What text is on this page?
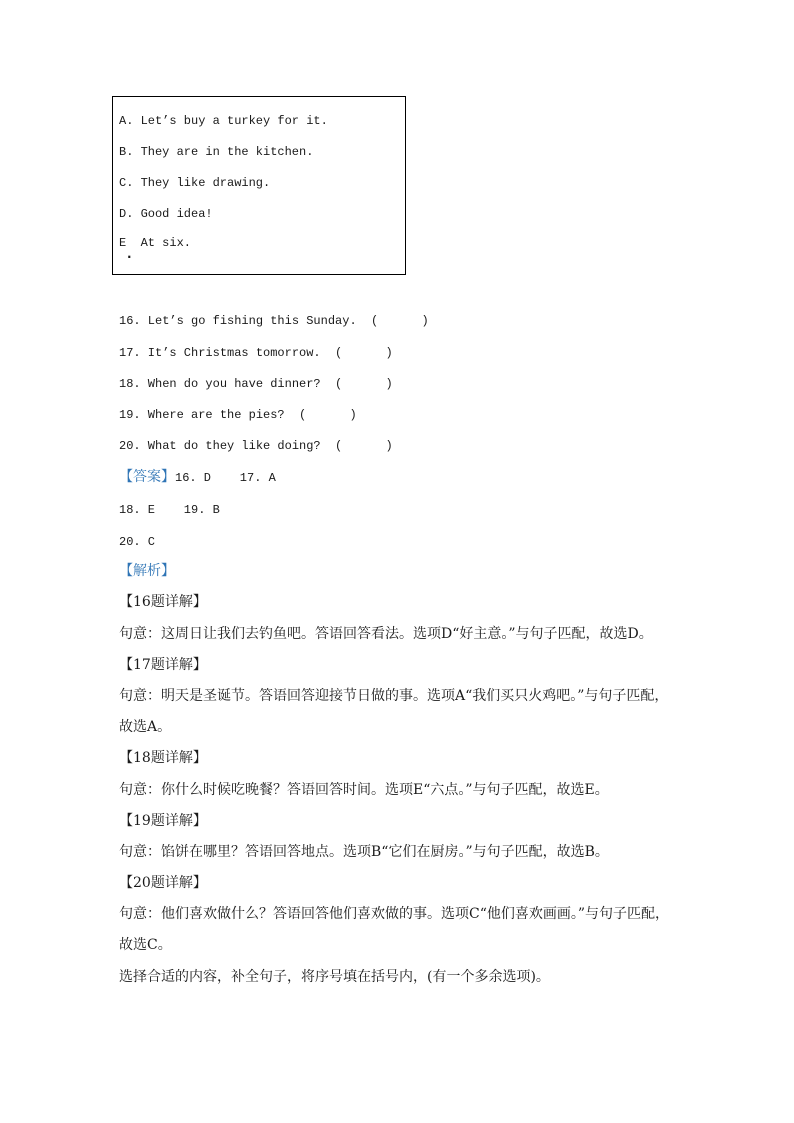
A. Let’s buy a turkey for it.
B. They are in the kitchen.
C. They like drawing.
D. Good idea!
E At six.
·
16. Let’s go fishing this Sunday.  (      )
17. It’s Christmas tomorrow.  (      )
18. When do you have dinner?  (      )
19. Where are the pies?  (      )
20. What do they like doing?  (      )
【答案】16. D    17. A
18. E    19. B
20. C
【解析】
【16题详解】
句意：这周日让我们去钓鱼吧。答语回答看法。选项D“好主意。”与句子匹配，故选D。
【17题详解】
句意：明天是圣诞节。答语回答迎接节日做的事。选项A“我们买只火鸡吧。”与句子匹配，
故选A。
【18题详解】
句意：你什么时候吃晚餐？答语回答时间。选项E“六点。”与句子匹配，故选E。
【19题详解】
句意：馅饼在哪里？答语回答地点。选项B“它们在厨房。”与句子匹配，故选B。
【20题详解】
句意：他们喜欢做什么？答语回答他们喜欢做的事。选项C“他们喜欢画画。”与句子匹配，
故选C。
选择合适的内容，补全句子，将序号填在括号内，(有一个多余选项)。
